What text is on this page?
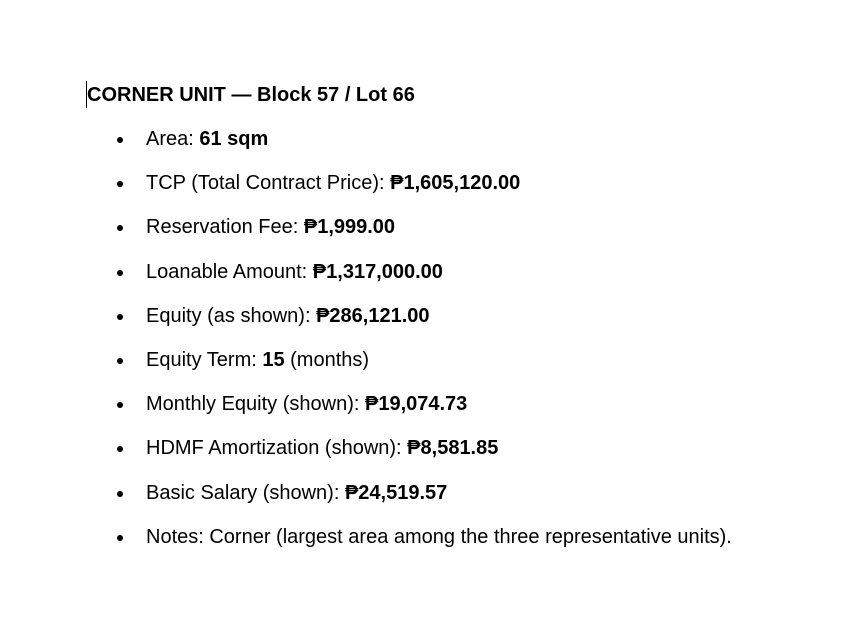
CORNER UNIT — Block 57 / Lot 66
Area: 61 sqm
TCP (Total Contract Price): ₱1,605,120.00
Reservation Fee: ₱1,999.00
Loanable Amount: ₱1,317,000.00
Equity (as shown): ₱286,121.00
Equity Term: 15 (months)
Monthly Equity (shown): ₱19,074.73
HDMF Amortization (shown): ₱8,581.85
Basic Salary (shown): ₱24,519.57
Notes: Corner (largest area among the three representative units).
